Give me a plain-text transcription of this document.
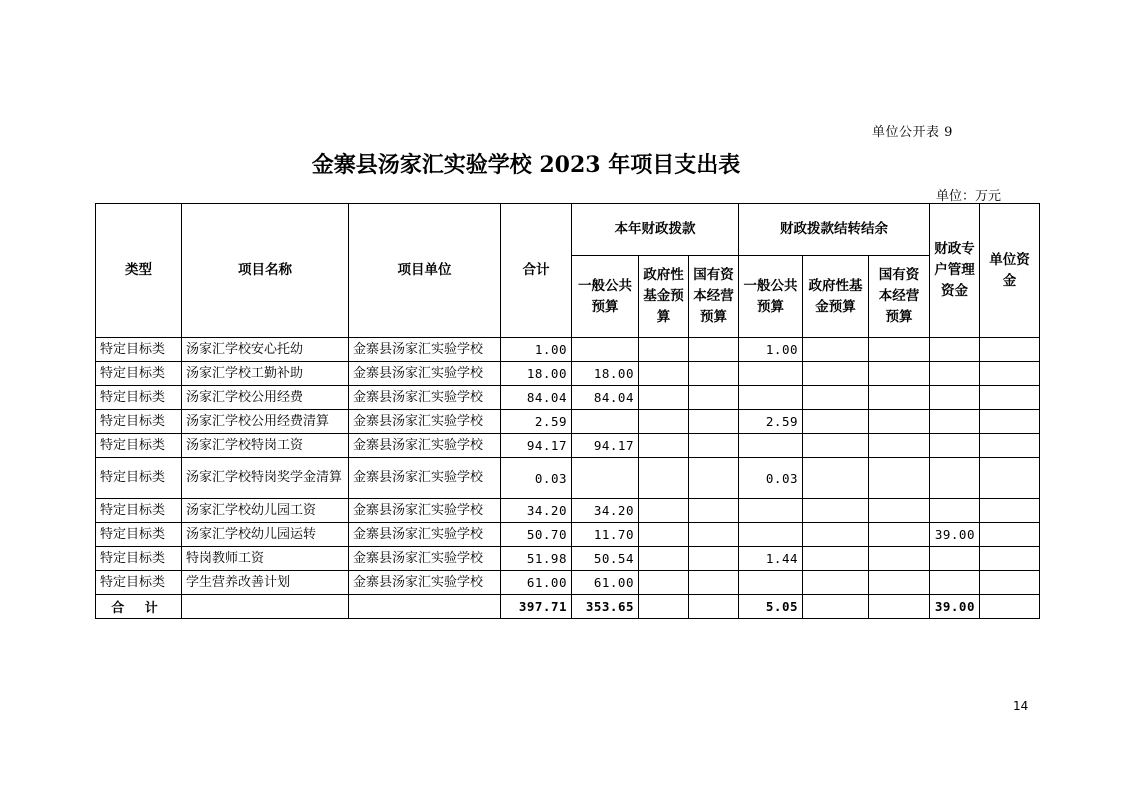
单位公开表 9
金寨县汤家汇实验学校 2023 年项目支出表
单位：万元
类型	项目名称	项目单位	合计	本年财政拨款			财政拨款结转结余			财政专户管理资金	单位资金
				一般公共预算	政府性基金预算	国有资本经营预算	一般公共预算	政府性基金预算	国有资本经营预算		
特定目标类	汤家汇学校安心托幼	金寨县汤家汇实验学校	1.00				1.00				
特定目标类	汤家汇学校工勤补助	金寨县汤家汇实验学校	18.00	18.00							
特定目标类	汤家汇学校公用经费	金寨县汤家汇实验学校	84.04	84.04							
特定目标类	汤家汇学校公用经费清算	金寨县汤家汇实验学校	2.59				2.59				
特定目标类	汤家汇学校特岗工资	金寨县汤家汇实验学校	94.17	94.17							
特定目标类	汤家汇学校特岗奖学金清算	金寨县汤家汇实验学校	0.03				0.03				
特定目标类	汤家汇学校幼儿园工资	金寨县汤家汇实验学校	34.20	34.20							
特定目标类	汤家汇学校幼儿园运转	金寨县汤家汇实验学校	50.70	11.70						39.00	
特定目标类	特岗教师工资	金寨县汤家汇实验学校	51.98	50.54			1.44				
特定目标类	学生营养改善计划	金寨县汤家汇实验学校	61.00	61.00							
合 计			397.71	353.65			5.05			39.00	
14
